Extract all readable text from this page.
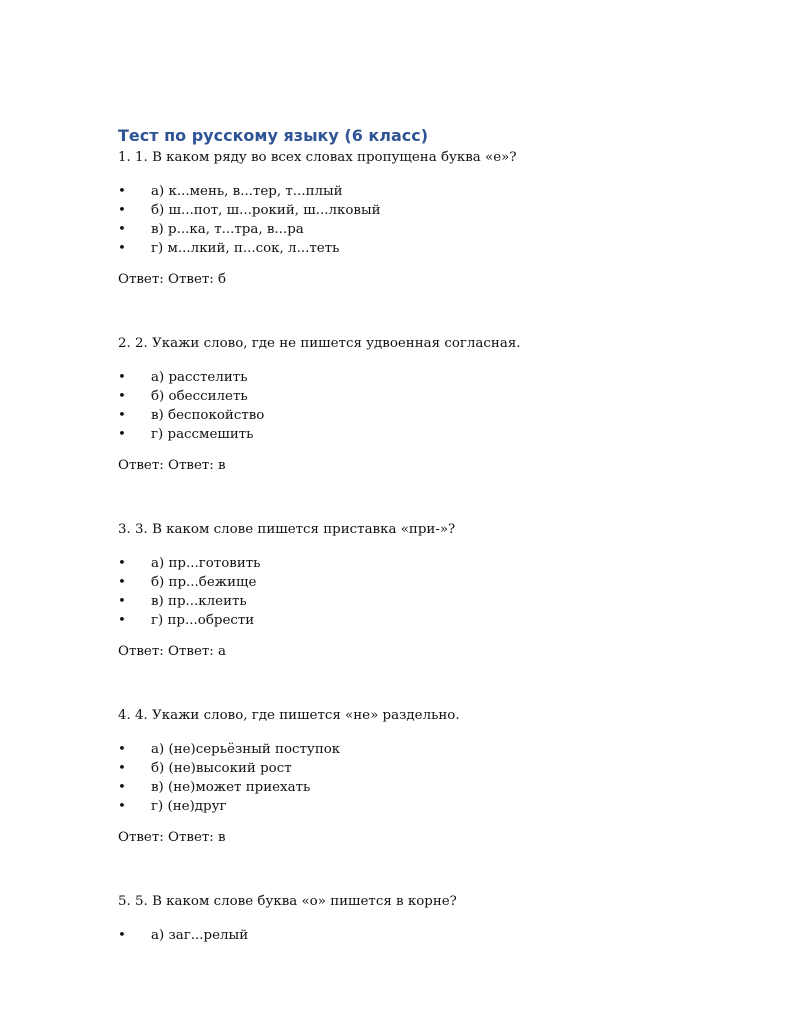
Тест по русскому языку (6 класс)

1. 1. В каком ряду во всех словах пропущена буква «е»?

• а) к...мень, в...тер, т...плый
• б) ш...пот, ш...рокий, ш...лковый
• в) р...ка, т...тра, в...ра
• г) м...лкий, п...сок, л...теть

Ответ: Ответ: б

2. 2. Укажи слово, где не пишется удвоенная согласная.

• а) расстелить
• б) обессилеть
• в) беспокойство
• г) рассмешить

Ответ: Ответ: в

3. 3. В каком слове пишется приставка «при-»?

• а) пр...готовить
• б) пр...бежище
• в) пр...клеить
• г) пр...обрести

Ответ: Ответ: а

4. 4. Укажи слово, где пишется «не» раздельно.

• а) (не)серьёзный поступок
• б) (не)высокий рост
• в) (не)может приехать
• г) (не)друг

Ответ: Ответ: в

5. 5. В каком слове буква «о» пишется в корне?

• а) заг...релый
